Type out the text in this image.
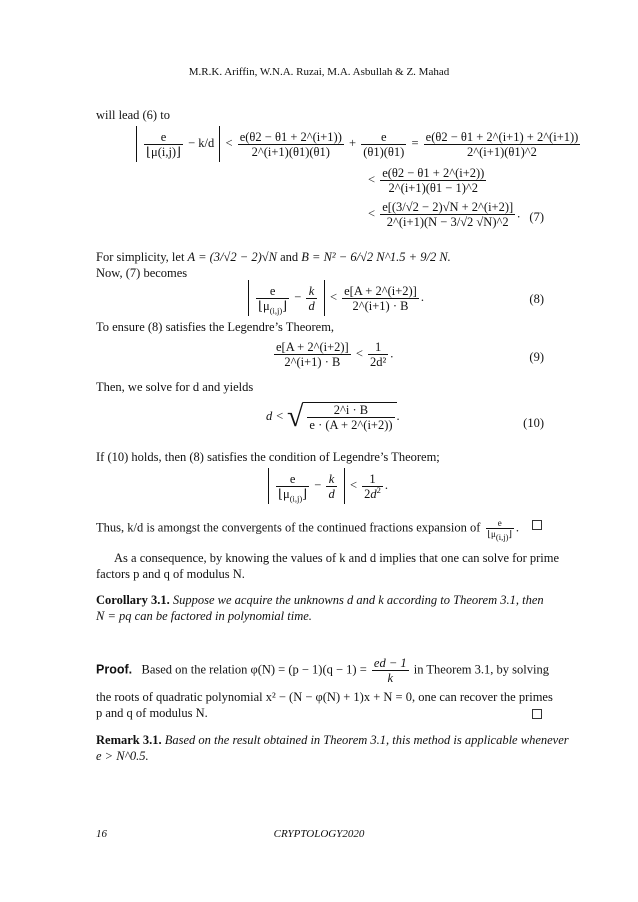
M.R.K. Ariffin, W.N.A. Ruzai, M.A. Asbullah & Z. Mahad
will lead (6) to

$\frac{e}{⌊\mu(i,j)⌋} - k/d < \frac{e(\theta 2 - \theta 1 + 2\^{}(i+1))}{2\^{}(i+1)(\theta 1)(\theta 1)} + \frac{e}{(\theta 1)(\theta 1)} = \frac{e(\theta 2 - \theta 1 + 2\^{}(i+1) + 2\^{}(i+1))}{2\^{}(i+1)(\theta 1)\^{}2}$
< $\frac{e(\theta 2 - \theta 1 + 2\^{}(i+2))}{2\^{}(i+1)(\theta 1 - 1)\^{}2}$
< $\frac{e[(3/√2 - 2)√N + 2\^{}(i+2)]}{2\^{}(i+1)(N - 3/√2 √N)\^{}2}$ . (7)
For simplicity, let A = (3/√2 − 2)√N and B = N² − 6/√2 N^1.5 + 9/2 N.
Now, (7) becomes

$\frac{e}{⌊\mu_{(i,j)}⌋} - \frac{k}{d} < \frac{e[A + 2\^{}(i+2)]}{2\^{}(i+1) \cdot B}$ .	(8)
To ensure (8) satisfies the Legendre’s Theorem,
$\frac{e[A + 2\^{}(i+2)]}{2\^{}(i+1) \cdot B} < \frac{1}{\text{2d²}}$ .	(9)
Then, we solve for d and yields
d < √ $\frac{2\^{}i \cdot B}{e \cdot (A + 2\^{}(i+2))}$ .
(10)
If (10) holds, then (8) satisfies the condition of Legendre’s Theorem;

$\frac{e}{⌊\mu_{(i,j)}⌋} - \frac{k}{d} < \frac{1}{2d^2}$ .
Thus, k/d is amongst the convergents of the continued fractions expansion of $\frac{e}{⌊\mu_{(i,j)}⌋}$ .
As a consequence, by knowing the values of k and d implies that one can solve for prime
factors p and q of modulus N.
Corollary 3.1. Suppose we acquire the unknowns d and k according to Theorem 3.1, then
N = pq can be factored in polynomial time.
Proof. Based on the relation $\varphi(N) = (p - 1)(q - 1) = \frac{ed - 1}{k}$ in Theorem 3.1, by solving
the roots of quadratic polynomial x² − (N − φ(N) + 1)x + N = 0, one can recover the primes
p and q of modulus N.
Remark 3.1. Based on the result obtained in Theorem 3.1, this method is applicable whenever
e > N^0.5.
16	CRYPTOLOGY2020
